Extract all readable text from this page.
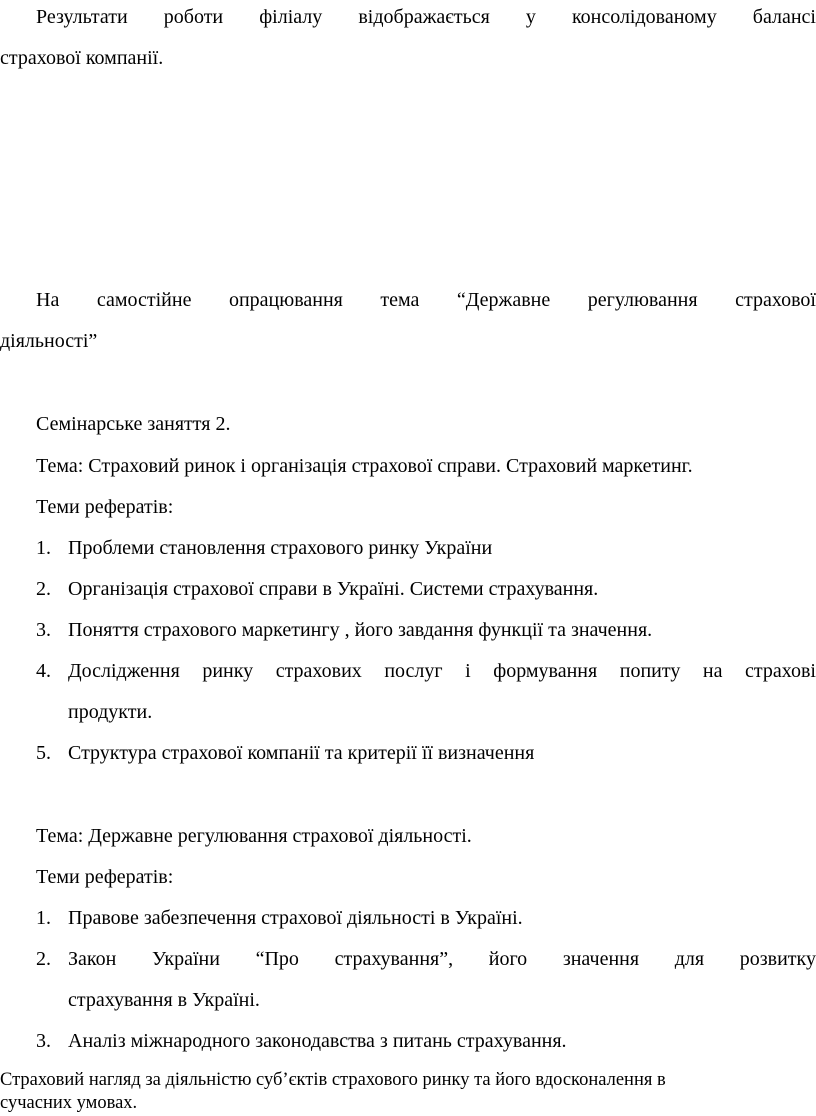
Результати роботи філіалу відображається у консолідованому балансі
страхової компанії.
На самостійне опрацювання тема “Державне регулювання страхової
діяльності”
Семінарське заняття 2.
Тема: Страховий ринок і організація страхової справи. Страховий маркетинг.
Теми рефератів:
1. Проблеми становлення страхового ринку України
2. Організація страхової справи в Україні. Системи страхування.
3. Поняття страхового маркетингу , його завдання функції та значення.
4. Дослідження ринку страхових послуг і формування попиту на страхові
продукти.
5. Структура страхової компанії та критерії її визначення
Тема: Державне регулювання страхової діяльності.
Теми рефератів:
1. Правове забезпечення страхової діяльності в Україні.
2. Закон України “Про страхування”, його значення для розвитку
страхування в Україні.
3. Аналіз міжнародного законодавства з питань страхування.
Страховий нагляд за діяльністю суб’єктів страхового ринку та його вдосконалення в
сучасних умовах.
